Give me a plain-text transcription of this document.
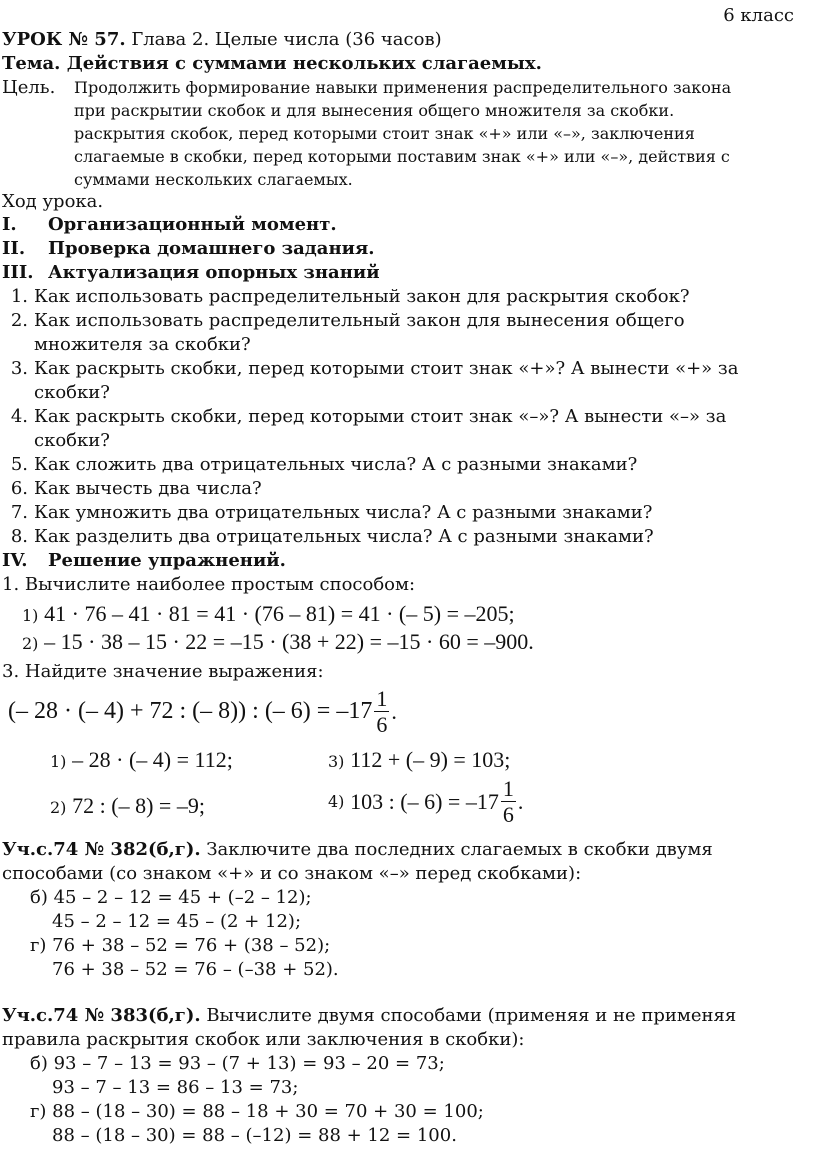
6 класс
УРОК № 57. Глава 2. Целые числа (36 часов)
Тема. Действия с суммами нескольких слагаемых.
Цель. Продолжить формирование навыки применения распределительного закона
при раскрытии скобок и для вынесения общего множителя за скобки.
раскрытия скобок, перед которыми стоит знак «+» или «–», заключения
слагаемые в скобки, перед которыми поставим знак «+» или «–», действия с
суммами нескольких слагаемых.
Ход урока.
I. Организационный момент.
II. Проверка домашнего задания.
III. Актуализация опорных знаний
1. Как использовать распределительный закон для раскрытия скобок?
2. Как использовать распределительный закон для вынесения общего
множителя за скобки?
3. Как раскрыть скобки, перед которыми стоит знак «+»? А вынести «+» за
скобки?
4. Как раскрыть скобки, перед которыми стоит знак «–»? А вынести «–» за
скобки?
5. Как сложить два отрицательных числа? А с разными знаками?
6. Как вычесть два числа?
7. Как умножить два отрицательных числа? А с разными знаками?
8. Как разделить два отрицательных числа? А с разными знаками?
IV. Решение упражнений.
1. Вычислите наиболее простым способом:
1) 41 · 76 – 41 · 81 = 41 · (76 – 81) = 41 · (– 5) = –205;
2) – 15 · 38 – 15 · 22 = –15 · (38 + 22) = –15 · 60 = –900.
3. Найдите значение выражения:
(– 28 · (– 4) + 72 : (– 8)) : (– $6) = -17 \frac{1}{6}$ .
1) – 28 · (– 4) = 112;	3) 112 + (– 9) = 103;
2) 72 : (– 8) = –9;	4)
103 : (– $6) = -17 \frac{1}{6}$ .
Уч.с.74 № 382(б,г). Заключите два последних слагаемых в скобки двумя
способами (со знаком «+» и со знаком «–» перед скобками):
б) 45 – 2 – 12 = 45 + (–2 – 12);
45 – 2 – 12 = 45 – (2 + 12);
г) 76 + 38 – 52 = 76 + (38 – 52);
76 + 38 – 52 = 76 – (–38 + 52).
Уч.с.74 № 383(б,г). Вычислите двумя способами (применяя и не применяя
правила раскрытия скобок или заключения в скобки):
б) 93 – 7 – 13 = 93 – (7 + 13) = 93 – 20 = 73;
93 – 7 – 13 = 86 – 13 = 73;
г) 88 – (18 – 30) = 88 – 18 + 30 = 70 + 30 = 100;
88 – (18 – 30) = 88 – (–12) = 88 + 12 = 100.
